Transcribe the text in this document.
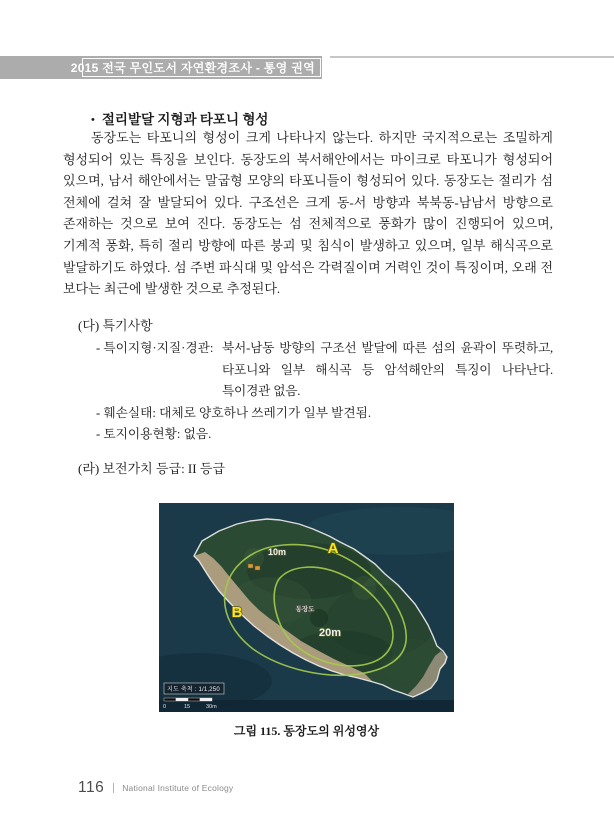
2015 전국 무인도서 자연환경조사 - 통영 권역
• 절리발달 지형과 타포니 형성
동장도는 타포니의 형성이 크게 나타나지 않는다. 하지만 국지적으로는 조밀하게 형성되어 있는 특징을 보인다. 동장도의 북서해안에서는 마이크로 타포니가 형성되어 있으며, 남서 해안에서는 말굽형 모양의 타포니들이 형성되어 있다. 동장도는 절리가 섬 전체에 걸쳐 잘 발달되어 있다. 구조선은 크게 동-서 방향과 북북동-남남서 방향으로 존재하는 것으로 보여 진다. 동장도는 섬 전체적으로 풍화가 많이 진행되어 있으며, 기계적 풍화, 특히 절리 방향에 따른 붕괴 및 침식이 발생하고 있으며, 일부 해식곡으로 발달하기도 하였다. 섬 주변 파식대 및 암석은 각력질이며 거력인 것이 특징이며, 오래 전 보다는 최근에 발생한 것으로 추정된다.
(다) 특기사항
- 특이지형·지질·경관: 북서-남동 방향의 구조선 발달에 따른 섬의 윤곽이 뚜렷하고,
타포니와 일부 해식곡 등 암석해안의 특징이 나타난다.
특이경관 없음.
- 훼손실태: 대체로 양호하나 쓰레기가 일부 발견됨.
- 토지이용현황: 없음.
(라) 보전가치 등급: II 등급
10m
20m
동장도
A
B
지도 축척 : 1/1,250
0	15	30m
그림 115. 동장도의 위성영상
116 National Institute of Ecology
